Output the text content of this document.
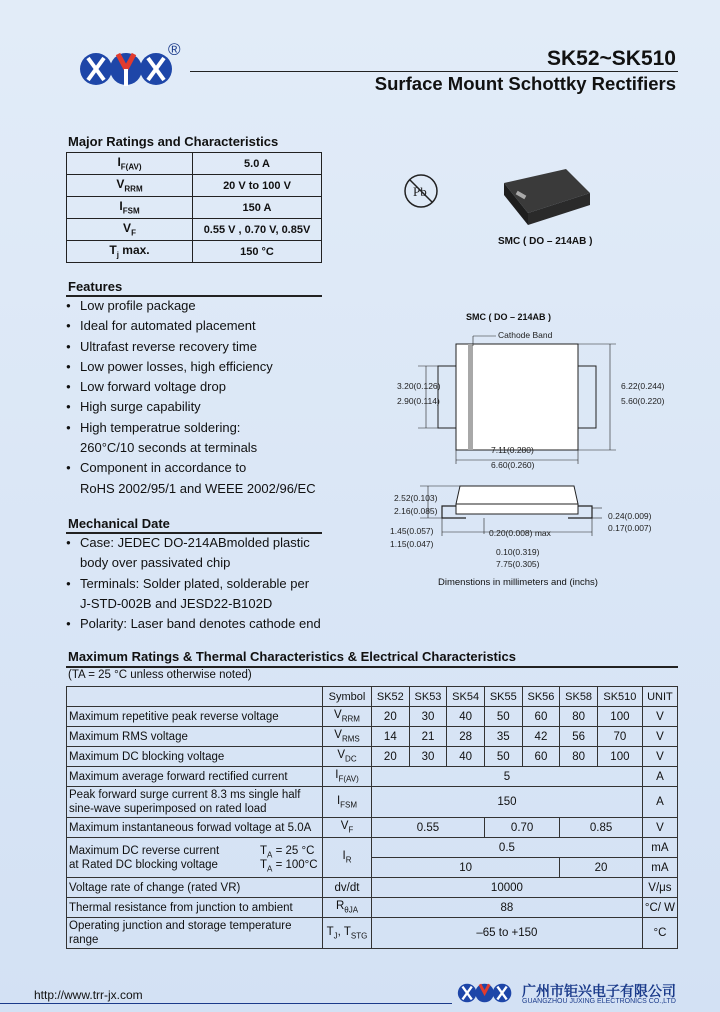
®	SK52~SK510
Surface Mount Schottky Rectifiers
Major Ratings and Characteristics
$I_{F(AV)}$	5.0 A
$V_{RRM}$	20 V to 100 V
$I_{FSM}$	150 A
$V_F$	0.55 V , 0.70 V, 0.85V
$T_j$ max.	150 °C
Pb
SMC ( DO – 214AB )
Features
● Low profile package
● Ideal for automated placement
● Ultrafast reverse recovery time
● Low power losses, high efficiency
● Low forward voltage drop
● High surge capability
● High temperatrue soldering:
260°C/10 seconds at terminals
● Component in accordance to
RoHS 2002/95/1 and WEEE 2002/96/EC
Mechanical Date
● Case: JEDEC DO-214ABmolded plastic
body over passivated chip
● Terminals: Solder plated, solderable per
J-STD-002B and JESD22-B102D
● Polarity: Laser band denotes cathode end
SMC ( DO – 214AB )
Cathode Band
3.20(0.126)
2.90(0.114)
6.22(0.244)
5.60(0.220)
7.11(0.280)
6.60(0.260)
2.52(0.103)
2.16(0.085)
1.45(0.057)
1.15(0.047)
0.20(0.008) max
0.24(0.009)
0.17(0.007)
0.10(0.319)
7.75(0.305)
Dimenstions in millimeters and (inchs)
Maximum Ratings & Thermal Characteristics & Electrical Characteristics
(TA = 25 °C unless otherwise noted)
	Symbol	SK52	SK53	SK54	SK55	SK56	SK58	SK510	UNIT
Maximum repetitive peak reverse voltage	$V_{RRM}$	20	30	40	50	60	80	100	V
Maximum RMS voltage	$V_{RMS}$	14	21	28	35	42	56	70	V
Maximum DC blocking voltage	$V_{DC}$	20	30	40	50	60	80	100	V
Maximum average forward rectified current	$I_{F(AV)}$	5							A
Peak forward surge current 8.3 ms single half sine-wave superimposed on rated load	$I_{FSM}$	150							A
Maximum instantaneous forwad voltage at 5.0A	$V_F$	0.55			0.70		0.85		V

Maximum DC reverse current $T_A = 25$ °C
at Rated DC blocking voltage $T_A = 100^\circ C$	$I_R$	0.5							mA
		10					20		mA
Voltage rate of change (rated VR)	dv/dt	10000							V/μs
Thermal resistance from junction to ambient	$R_{\theta JA}$	88							°C/ W
Operating junction and storage temperature range	$T_J$, $T_{STG}$	–65 to +150							°C
http://www.trr-jx.com	广州市钜兴电子有限公司
GUANGZHOU JUXING ELECTRONICS CO.,LTD
